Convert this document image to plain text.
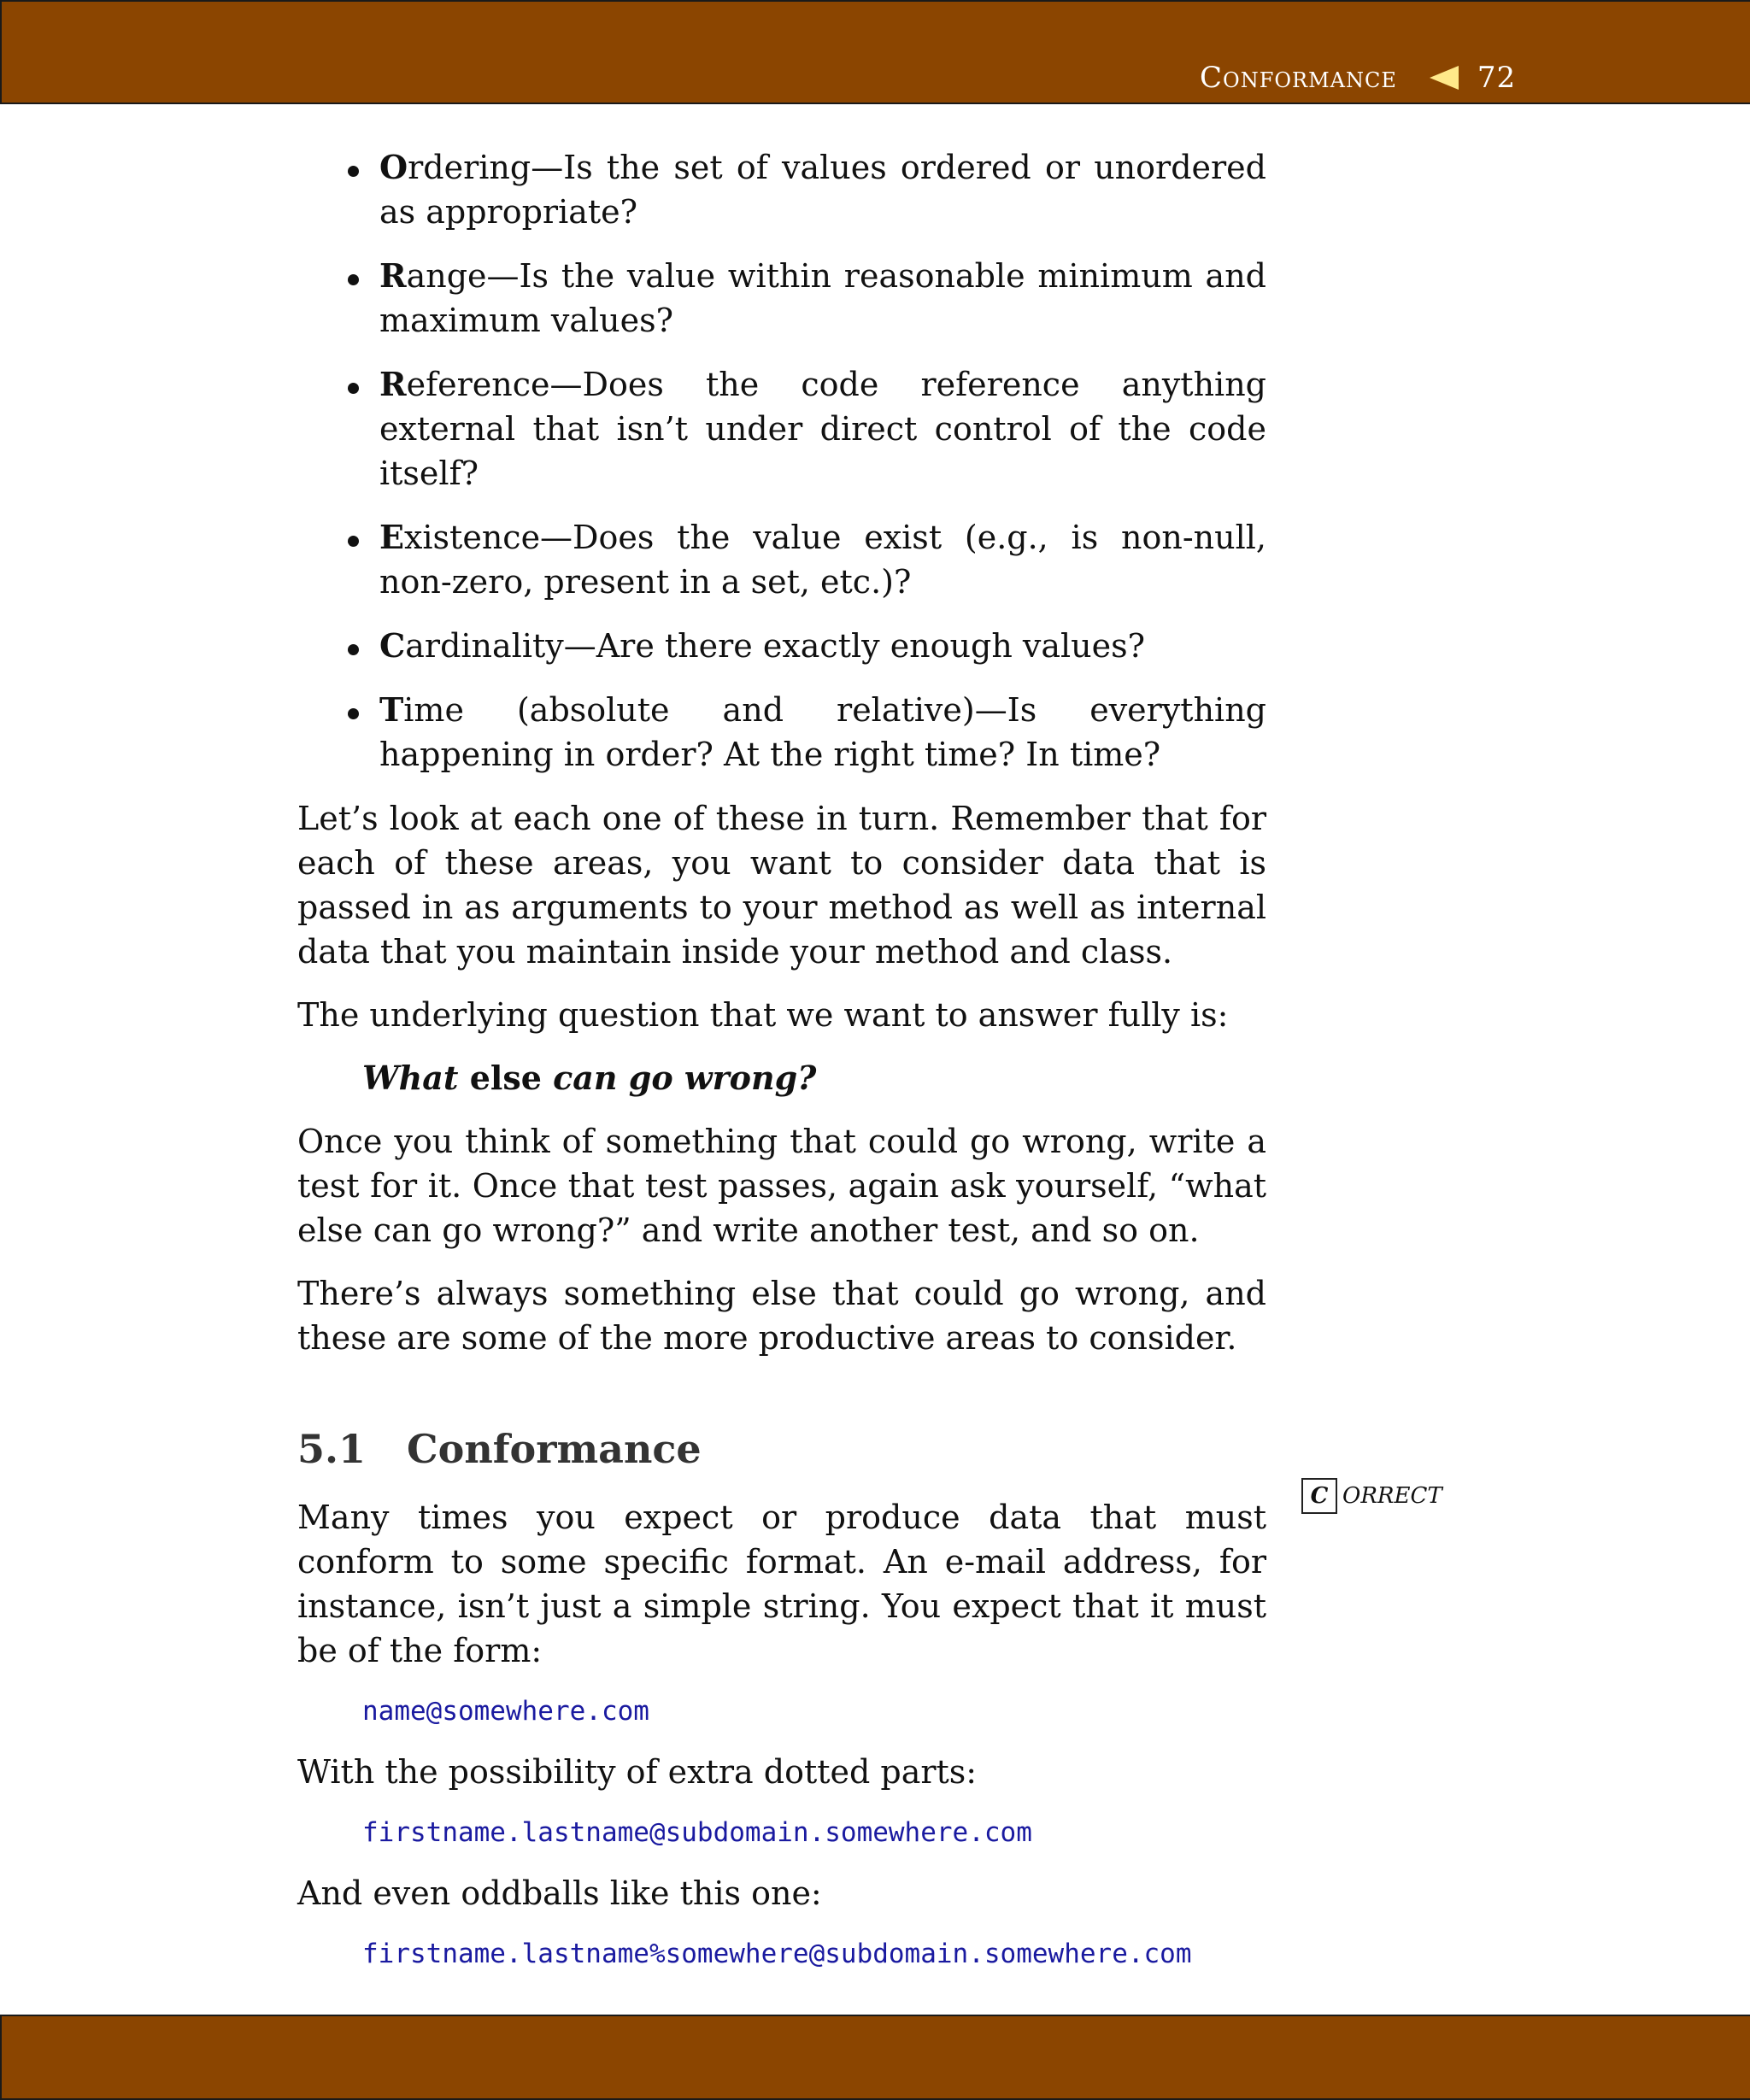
Conformance	72
Ordering—Is the set of values ordered or unordered as appropriate?
Range—Is the value within reasonable minimum and maximum values?
Reference—Does the code reference anything external that isn’t under direct control of the code itself?
Existence—Does the value exist (e.g., is non-null, non-zero, present in a set, etc.)?
Cardinality—Are there exactly enough values?
Time (absolute and relative)—Is everything happening in order? At the right time? In time?

Let’s look at each one of these in turn. Remember that for each of these areas, you want to consider data that is passed in as arguments to your method as well as internal data that you maintain inside your method and class.

The underlying question that we want to answer fully is:

What else can go wrong?

Once you think of something that could go wrong, write a test for it. Once that test passes, again ask yourself, “what else can go wrong?” and write another test, and so on.

There’s always something else that could go wrong, and these are some of the more productive areas to consider.

5.1 Conformance

Many times you expect or produce data that must conform to some specific format. An e-mail address, for instance, isn’t just a simple string. You expect that it must be of the form:

name@somewhere.com

With the possibility of extra dotted parts:

firstname.lastname@subdomain.somewhere.com

And even oddballs like this one:

firstname.lastname%somewhere@subdomain.somewhere.com
C ORRECT
